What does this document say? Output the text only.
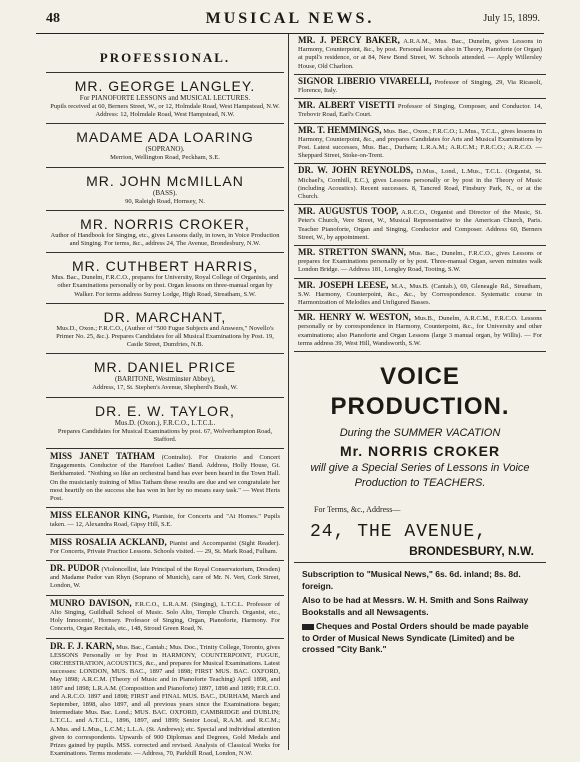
48	MUSICAL NEWS.	July 15, 1899.
PROFESSIONAL.
MR. GEORGE LANGLEY.
For PIANOFORTE LESSONS and MUSICAL LECTURES.
Pupils received at 60, Berners Street, W., or 12, Holmdale Road, West Hampstead, N.W. Address: 12, Holmdale Road, West Hampstead, N.W.
MADAME ADA LOARING
(SOPRANO).
Merrion, Wellington Road, Peckham, S.E.
MR. JOHN McMILLAN
(BASS).
90, Raleigh Road, Hornsey, N.
MR. NORRIS CROKER,
Author of Handbook for Singing, etc., gives Lessons daily, in town, in Voice Production and Singing. For terms, &c., address 24, The Avenue, Brondesbury, N.W.
MR. CUTHBERT HARRIS,
Mus. Bac., Dunelm, F.R.C.O., prepares for University, Royal College of Organists, and other Examinations personally or by post. Organ lessons on three-manual organ by Walker. For terms address Surrey Lodge, High Road, Streatham, S.W.
DR. MARCHANT,
Mus.D., Oxon.; F.R.C.O., (Author of "500 Fugue Subjects and Answers," Novello's Primer No. 25, &c.). Prepares Candidates for all Musical Examinations by Post. 19, Castle Street, Dumfries, N.B.
MR. DANIEL PRICE
(BARITONE, Westminster Abbey),
Address, 17, St. Stephen's Avenue, Shepherd's Bush, W.
DR. E. W. TAYLOR,
Mus.D. (Oxon.), F.R.C.O., L.T.C.L.
Prepares Candidates for Musical Examinations by post. 67, Wolverhampton Road, Stafford.
MISS JANET TATHAM (Contralto). For Oratorio and Concert Engagements. Conductor of the Harefoot Ladies' Band. Address, Holly House, Gt. Berkhamsted. "Nothing so like an orchestral band has ever been heard in the Town Hall. On the musicianly training of Miss Tatham these results are due and we congratulate her most heartily on the success she has won in her by no means easy task." — West Herts Post.
MISS ELEANOR KING, Pianiste, for Concerts and "At Homes." Pupils taken. — 12, Alexandra Road, Gipsy Hill, S.E.
MISS ROSALIA ACKLAND, Pianist and Accompanist (Sight Reader). For Concerts, Private Practice Lessons. Schools visited. — 29, St. Mark Road, Fulham.
DR. PUDOR (Violoncellist, late Principal of the Royal Conservatorium, Dresden) and Madame Pudor van Rhyn (Soprano of Munich), care of Mr. N. Vert, Cork Street, London, W.
MUNRO DAVISON, F.R.C.O., L.R.A.M. (Singing), L.T.C.L. Professor of Alto Singing, Guildhall School of Music. Solo Alto, Temple Church. Organist, etc., Holy Innocents', Hornsey. Professor of Singing, Organ, Pianoforte, Harmony. For Concerts, Organ Recitals, etc., 148, Stroud Green Road, N.
DR. F. J. KARN, Mus. Bac., Cantab.; Mus. Doc., Trinity College, Toronto, gives LESSONS Personally or by Post in HARMONY, COUNTERPOINT, FUGUE, ORCHESTRATION, ACOUSTICS, &c., and prepares for Musical Examinations. Latest successes: LONDON, MUS. BAC., 1897 and 1898; FIRST MUS. BAC. OXFORD, May 1898; A.R.C.M. (Theory of Music and in Pianoforte Teaching) April 1898, and 1897 and 1898; L.R.A.M. (Composition and Pianoforte) 1897, 1898 and 1899; F.R.C.O. and A.R.C.O. 1897 and 1898; FIRST and FINAL MUS. BAC., DURHAM, March and September, 1898, also 1897, and all previous years since the Examinations began; Intermediate Mus. Bac. Lond.; MUS. BAC. OXFORD, CAMBRIDGE and DUBLIN; L.T.C.L. and A.T.C.L., 1896, 1897, and 1899; Senior Local, R.A.M. and R.C.M.; A.Mus. and L.Mus., L.C.M.; L.L.A. (St. Andrews); etc. Special and individual attention given to correspondents. Upwards of 900 Diplomas and Degrees, Gold Medals and Prizes gained by pupils. MSS. corrected and revised. Analysis of Classical Works for Examinations. Terms moderate. — Address, 70, Parkhill Road, London, N.W.
MR. J. PERCY BAKER, A.R.A.M., Mus. Bac., Dunelm, gives Lessons in Harmony, Counterpoint, &c., by post. Personal lessons also in Theory, Pianoforte (or Organ) at pupil's residence, or at 84, New Bond Street, W. Schools attended. — Apply Willersley House, Old Charlton.
SIGNOR LIBERIO VIVARELLI, Professor of Singing, 29, Via Ricasoli, Florence, Italy.
MR. ALBERT VISETTI Professor of Singing, Composer, and Conductor. 14, Trebovir Road, Earl's Court.
MR. T. HEMMINGS, Mus. Bac., Oxon.; F.R.C.O.; L.Mus., T.C.L., gives lessons in Harmony, Counterpoint, &c., and prepares Candidates for Arts and Musical Examinations by Post. Latest successes, Mus. Bac., Durham; L.R.A.M.; A.R.C.M.; F.R.C.O.; A.R.C.O. — Sheppard Street, Stoke-on-Trent.
DR. W. JOHN REYNOLDS, D.Mus., Lond., L.Mus., T.C.L. (Organist, St. Michael's, Cornhill, E.C.), gives Lessons personally or by post in the Theory of Music (including Acoustics). Recent successes. 8, Tancred Road, Finsbury Park, N., or at the Church.
MR. AUGUSTUS TOOP, A.R.C.O., Organist and Director of the Music, St. Peter's Church, Vere Street, W., Musical Representative to the American Church, Paris. Teacher Pianoforte, Organ and Singing, Conductor and Composer. Address 60, Berners Street, W., by appointment.
MR. STRETTON SWANN, Mus. Bac., Dunelm., F.R.C.O., gives Lessons or prepares for Examinations personally or by post. Three-manual Organ, seven minutes walk London Bridge. — Address 181, Longley Road, Tooting, S.W.
MR. JOSEPH LEESE, M.A., Mus.B. (Cantab.), 69, Gleneagle Rd., Streatham, S.W. Harmony, Counterpoint, &c., &c., by Correspondence. Systematic course in Harmonization of Melodies and Unfigured Basses.
MR. HENRY W. WESTON, Mus.B., Dunelm, A.R.C.M., F.R.C.O. Lessons personally or by correspondence in Harmony, Counterpoint, &c., for University and other examinations; also Pianoforte and Organ Lessons (large 3 manual organ, by Willis). — For terms address 39, West Hill, Wandsworth, S.W.
VOICE PRODUCTION.
During the SUMMER VACATION
Mr. NORRIS CROKER
will give a Special Series of Lessons in Voice
Production to TEACHERS.
For Terms, &c., Address—
24, THE AVENUE,
BRONDESBURY, N.W.
Subscription to "Musical News," 6s. 6d. inland; 8s. 8d. foreign.
Also to be had at Messrs. W. H. Smith and Sons Railway Bookstalls and all Newsagents.
Cheques and Postal Orders should be made payable to Order of Musical News Syndicate (Limited) and be crossed "City Bank."
